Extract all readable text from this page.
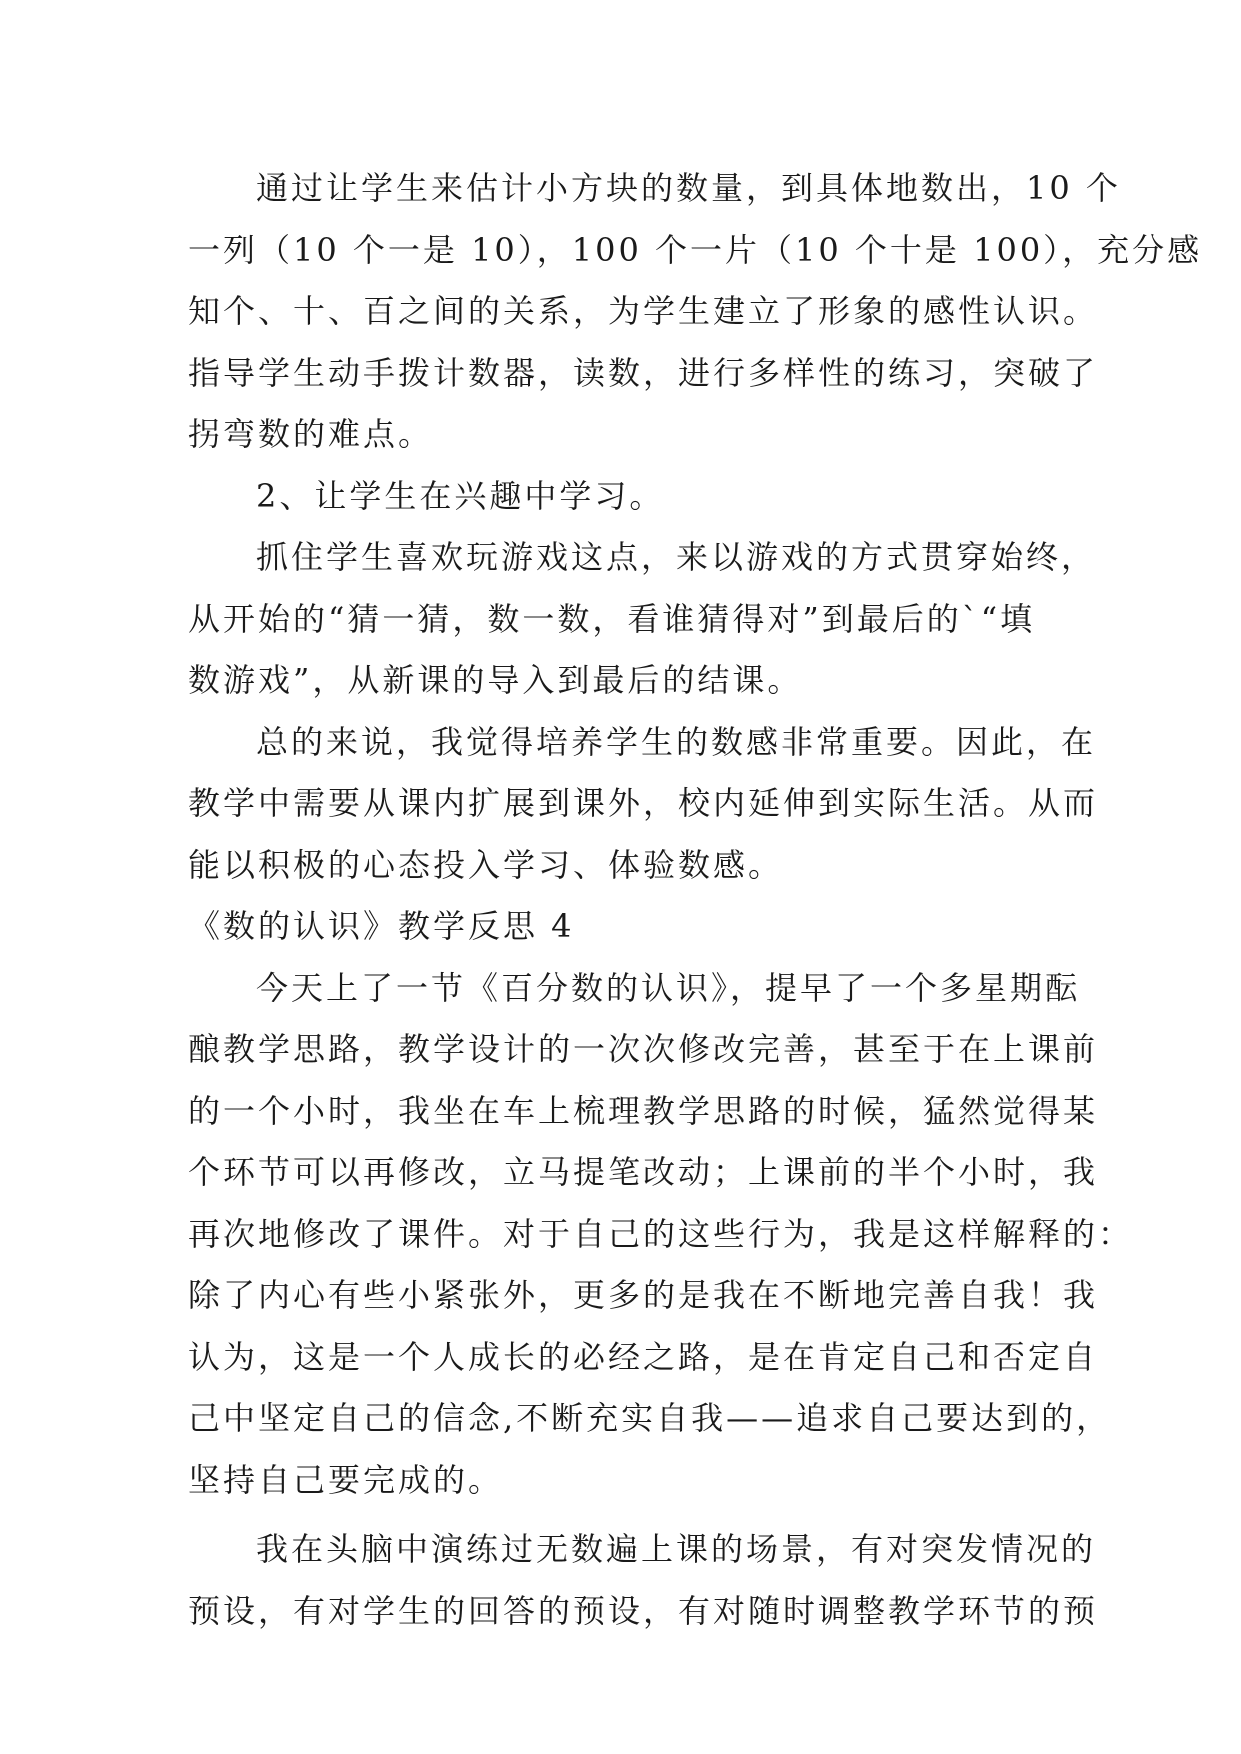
通过让学生来估计小方块的数量，到具体地数出，10 个
一列（10 个一是 10），100 个一片（10 个十是 100），充分感
知个、十、百之间的关系，为学生建立了形象的感性认识。
指导学生动手拨计数器，读数，进行多样性的练习，突破了
拐弯数的难点。
2、让学生在兴趣中学习。
抓住学生喜欢玩游戏这点，来以游戏的方式贯穿始终，
从开始的“猜一猜，数一数，看谁猜得对”到最后的`“填
数游戏”，从新课的导入到最后的结课。
总的来说，我觉得培养学生的数感非常重要。因此，在
教学中需要从课内扩展到课外，校内延伸到实际生活。从而
能以积极的心态投入学习、体验数感。
《数的认识》教学反思 4
今天上了一节《百分数的认识》，提早了一个多星期酝
酿教学思路，教学设计的一次次修改完善，甚至于在上课前
的一个小时，我坐在车上梳理教学思路的时候，猛然觉得某
个环节可以再修改，立马提笔改动；上课前的半个小时，我
再次地修改了课件。对于自己的这些行为，我是这样解释的：
除了内心有些小紧张外，更多的是我在不断地完善自我！我
认为，这是一个人成长的必经之路，是在肯定自己和否定自
己中坚定自己的信念,不断充实自我——追求自己要达到的，
坚持自己要完成的。
我在头脑中演练过无数遍上课的场景，有对突发情况的
预设，有对学生的回答的预设，有对随时调整教学环节的预
